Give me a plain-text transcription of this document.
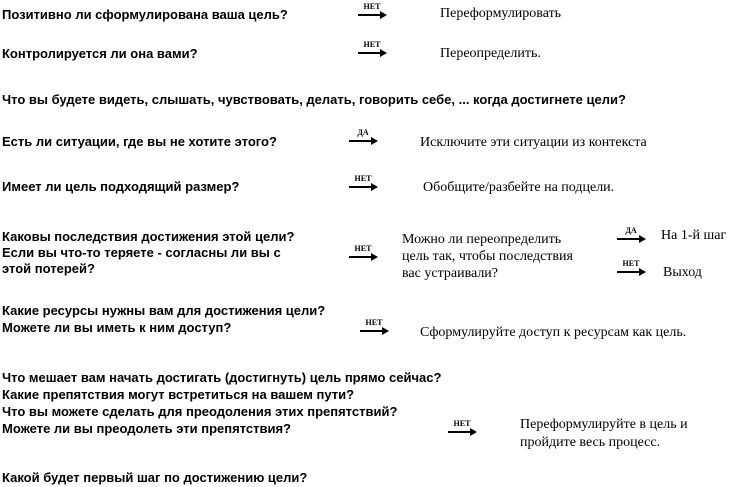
Позитивно ли сформулирована ваша цель?
НЕТ	Переформулировать
Контролируется ли она вами?
НЕТ
Переопределить.
Что вы будете видеть, слышать, чувствовать, делать, говорить себе, ... когда достигнете цели?
Есть ли ситуации, где вы не хотите этого?
ДА
Исключите эти ситуации из контекста
Имеет ли цель подходящий размер?
НЕТ
Обобщите/разбейте на подцели.
Каковы последствия достижения этой цели?
Если вы что-то теряете - согласны ли вы с
этой потерей?
НЕТ
Можно ли переопределить
цель так, чтобы последствия
вас устраивали?
ДА	На 1-й шаг
НЕТ
Выход
Какие ресурсы нужны вам для достижения цели?
Можете ли вы иметь к ним доступ?	НЕТ
Сформулируйте доступ к ресурсам как цель.
Что мешает вам начать достигать (достигнуть) цель прямо сейчас?
Какие препятствия могут встретиться на вашем пути?
Что вы можете сделать для преодоления этих препятствий?
Можете ли вы преодолеть эти препятствия?	НЕТ	Переформулируйте в цель и
пройдите весь процесс.
Какой будет первый шаг по достижению цели?
